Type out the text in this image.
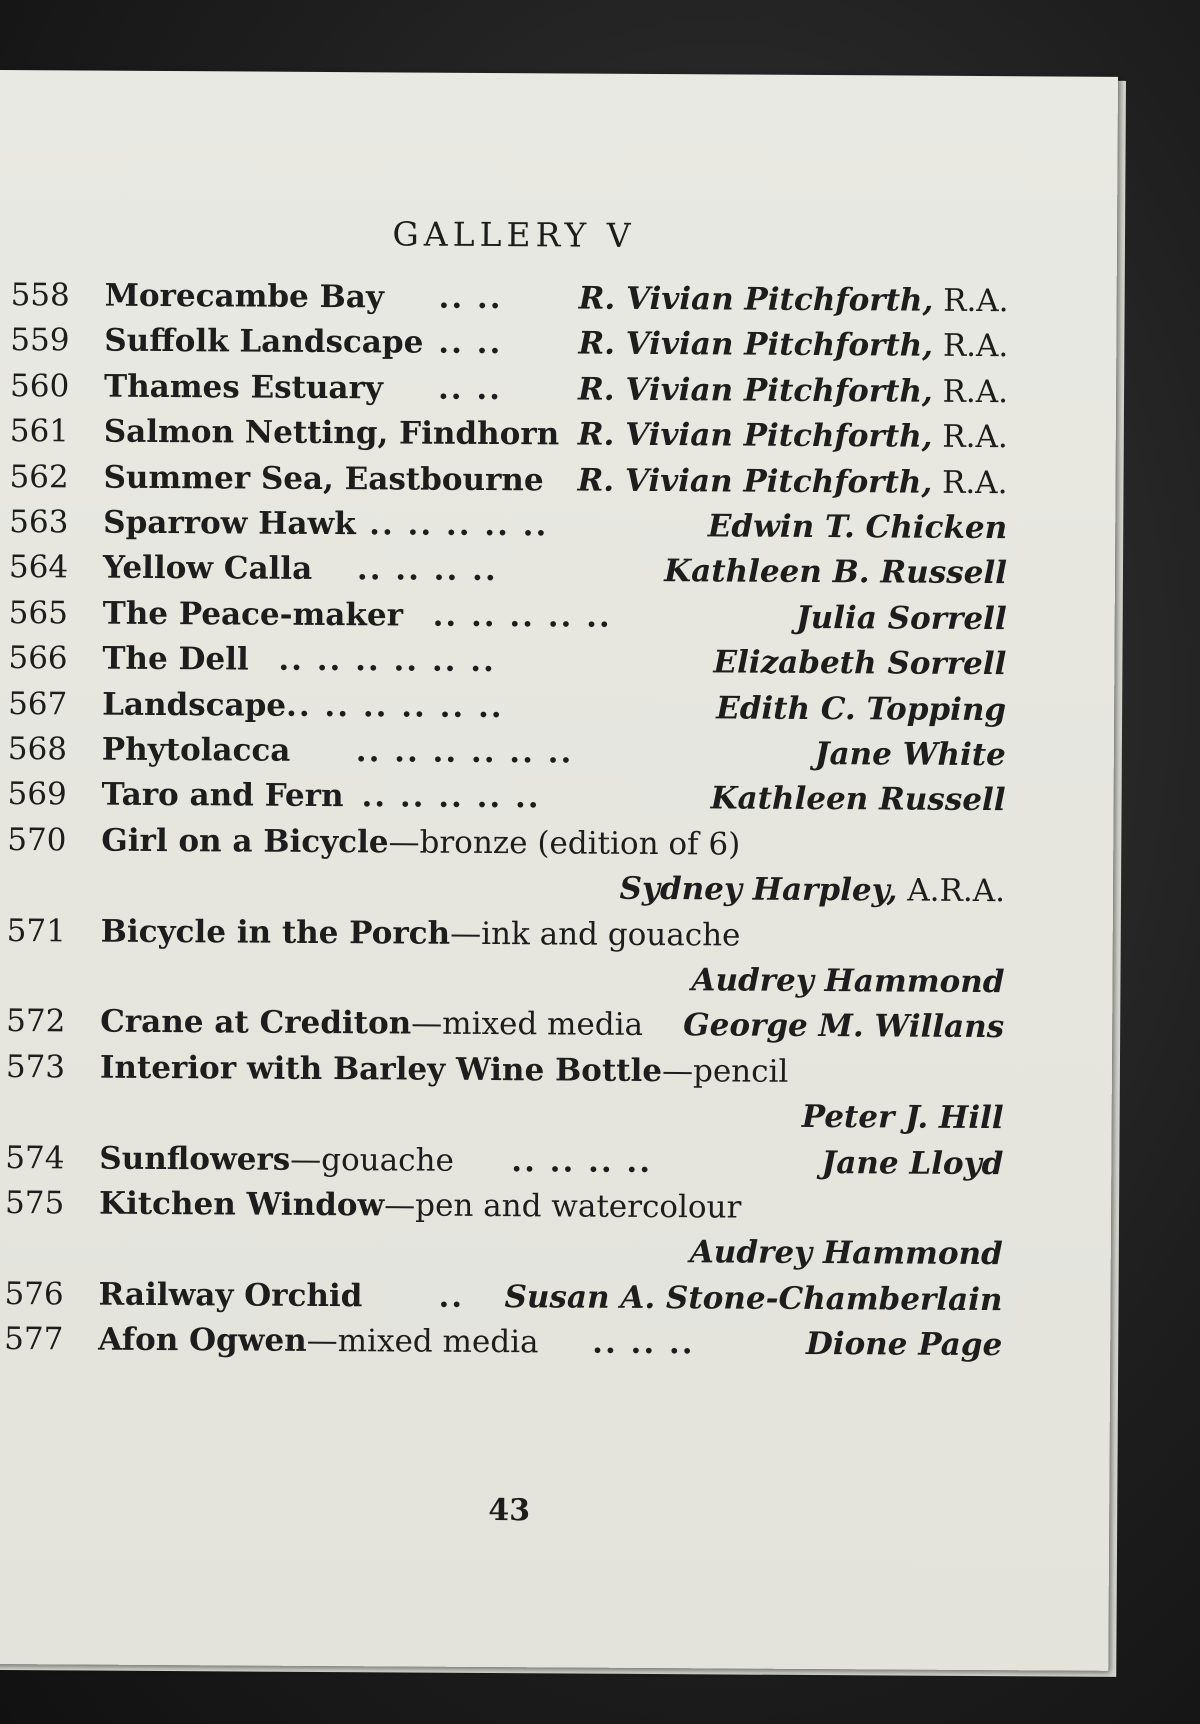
GALLERY V
558	Morecambe Bay .. .. R. Vivian Pitchforth, R.A.
559	Suffolk Landscape .. .. R. Vivian Pitchforth, R.A.
560	Thames Estuary .. .. R. Vivian Pitchforth, R.A.
561	Salmon Netting, Findhorn R. Vivian Pitchforth, R.A.
562	Summer Sea, Eastbourne R. Vivian Pitchforth, R.A.
563	Sparrow Hawk .. .. .. .. ..	Edwin T. Chicken
564	Yellow Calla .. .. .. ..	Kathleen B. Russell
565	The Peace-maker .. .. .. .. ..	Julia Sorrell
566	The Dell .. .. .. .. .. ..	Elizabeth Sorrell
567	Landscape .. .. .. .. .. ..	Edith C. Topping
568	Phytolacca .. .. .. .. .. ..	Jane White
569	Taro and Fern .. .. .. .. ..	Kathleen Russell
570	Girl on a Bicycle—bronze (edition of 6)
Sydney Harpley, A.R.A.
571	Bicycle in the Porch—ink and gouache
Audrey Hammond
572	Crane at Crediton—mixed media George M. Willans
573	Interior with Barley Wine Bottle—pencil
Peter J. Hill
574	Sunflowers—gouache .. .. .. ..	Jane Lloyd
575	Kitchen Window—pen and watercolour
Audrey Hammond
576	Railway Orchid .. Susan A. Stone-Chamberlain
577	Afon Ogwen—mixed media .. .. ..	Dione Page
43
